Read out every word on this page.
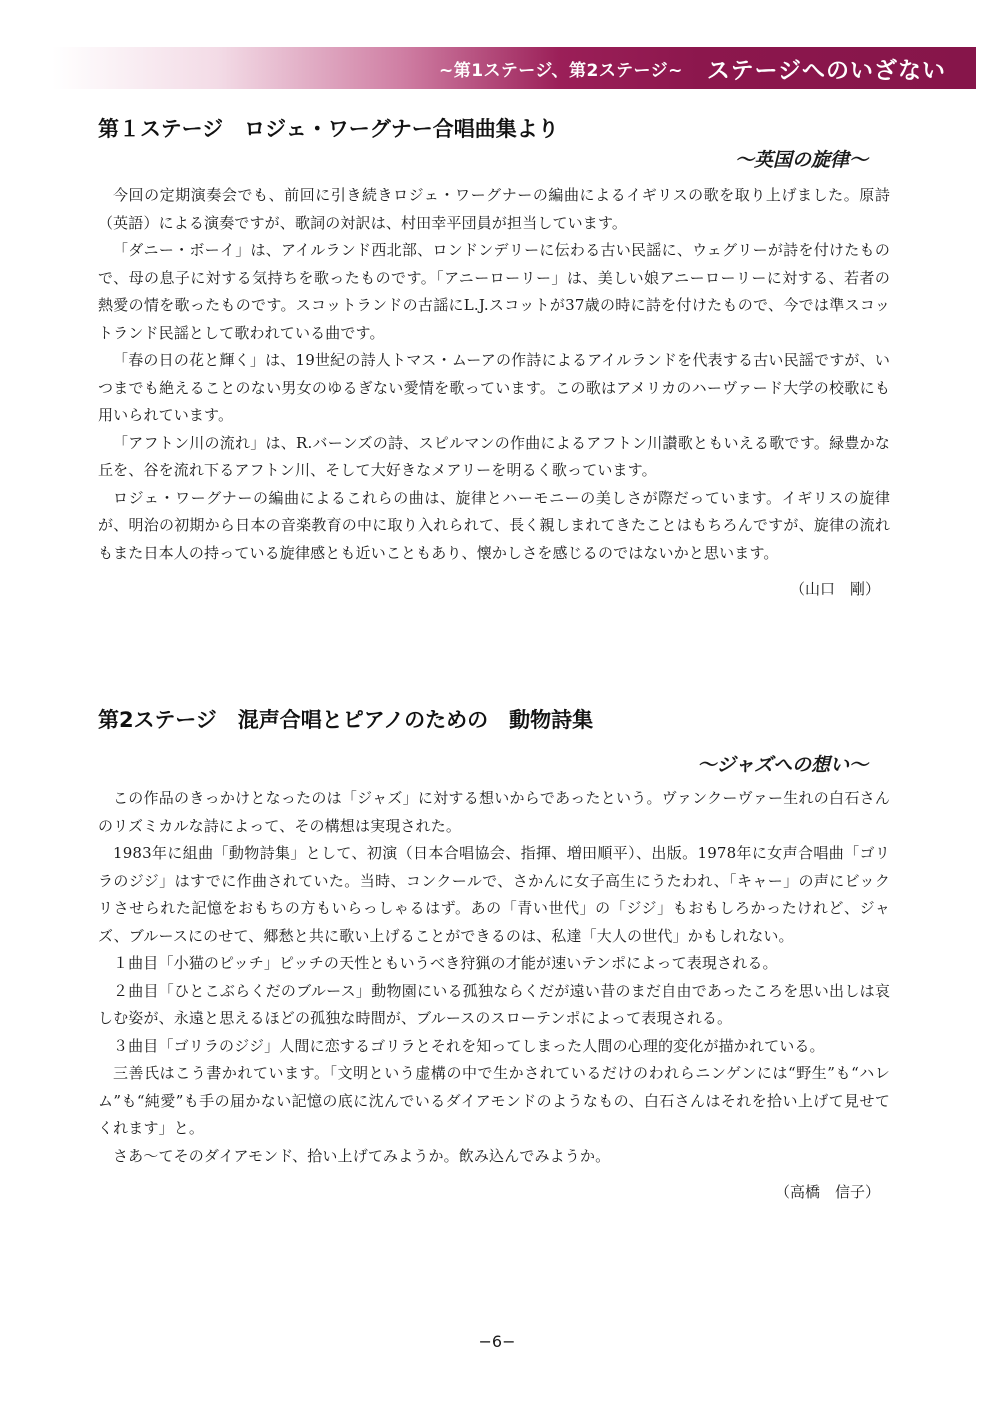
~第1ステージ、第2ステージ~ ステージへのいざない
第１ステージ　ロジェ・ワーグナー合唱曲集より
～英国の旋律～

今回の定期演奏会でも、前回に引き続きロジェ・ワーグナーの編曲によるイギリスの歌を取り上げました。原詩（英語）による演奏ですが、歌詞の対訳は、村田幸平団員が担当しています。

「ダニー・ボーイ」は、アイルランド西北部、ロンドンデリーに伝わる古い民謡に、ウェグリーが詩を付けたもので、母の息子に対する気持ちを歌ったものです。「アニーローリー」は、美しい娘アニーローリーに対する、若者の熱愛の情を歌ったものです。スコットランドの古謡にL.J.スコットが37歳の時に詩を付けたもので、今では準スコットランド民謡として歌われている曲です。

「春の日の花と輝く」は、19世紀の詩人トマス・ムーアの作詩によるアイルランドを代表する古い民謡ですが、いつまでも絶えることのない男女のゆるぎない愛情を歌っています。この歌はアメリカのハーヴァード大学の校歌にも用いられています。

「アフトン川の流れ」は、R.バーンズの詩、スピルマンの作曲によるアフトン川讃歌ともいえる歌です。緑豊かな丘を、谷を流れ下るアフトン川、そして大好きなメアリーを明るく歌っています。

ロジェ・ワーグナーの編曲によるこれらの曲は、旋律とハーモニーの美しさが際だっています。イギリスの旋律が、明治の初期から日本の音楽教育の中に取り入れられて、長く親しまれてきたことはもちろんですが、旋律の流れもまた日本人の持っている旋律感とも近いこともあり、懐かしさを感じるのではないかと思います。

（山口　剛）
第2ステージ　混声合唱とピアノのための　動物詩集
～ジャズへの想い～

この作品のきっかけとなったのは「ジャズ」に対する想いからであったという。ヴァンクーヴァー生れの白石さんのリズミカルな詩によって、その構想は実現された。

1983年に組曲「動物詩集」として、初演（日本合唱協会、指揮、増田順平）、出版。1978年に女声合唱曲「ゴリラのジジ」はすでに作曲されていた。当時、コンクールで、さかんに女子高生にうたわれ、「キャー」の声にビックリさせられた記憶をおもちの方もいらっしゃるはず。あの「青い世代」の「ジジ」もおもしろかったけれど、ジャズ、ブルースにのせて、郷愁と共に歌い上げることができるのは、私達「大人の世代」かもしれない。

１曲目「小猫のピッチ」ピッチの天性ともいうべき狩猟の才能が速いテンポによって表現される。

２曲目「ひとこぶらくだのブルース」動物園にいる孤独ならくだが遠い昔のまだ自由であったころを思い出しは哀しむ姿が、永遠と思えるほどの孤独な時間が、ブルースのスローテンポによって表現される。

３曲目「ゴリラのジジ」人間に恋するゴリラとそれを知ってしまった人間の心理的変化が描かれている。

三善氏はこう書かれています。「文明という虚構の中で生かされているだけのわれらニンゲンには“野生”も“ハレム”も“純愛”も手の届かない記憶の底に沈んでいるダイアモンドのようなもの、白石さんはそれを拾い上げて見せてくれます」と。

さあ～てそのダイアモンド、拾い上げてみようか。飲み込んでみようか。

（高橋　信子）
−6−
